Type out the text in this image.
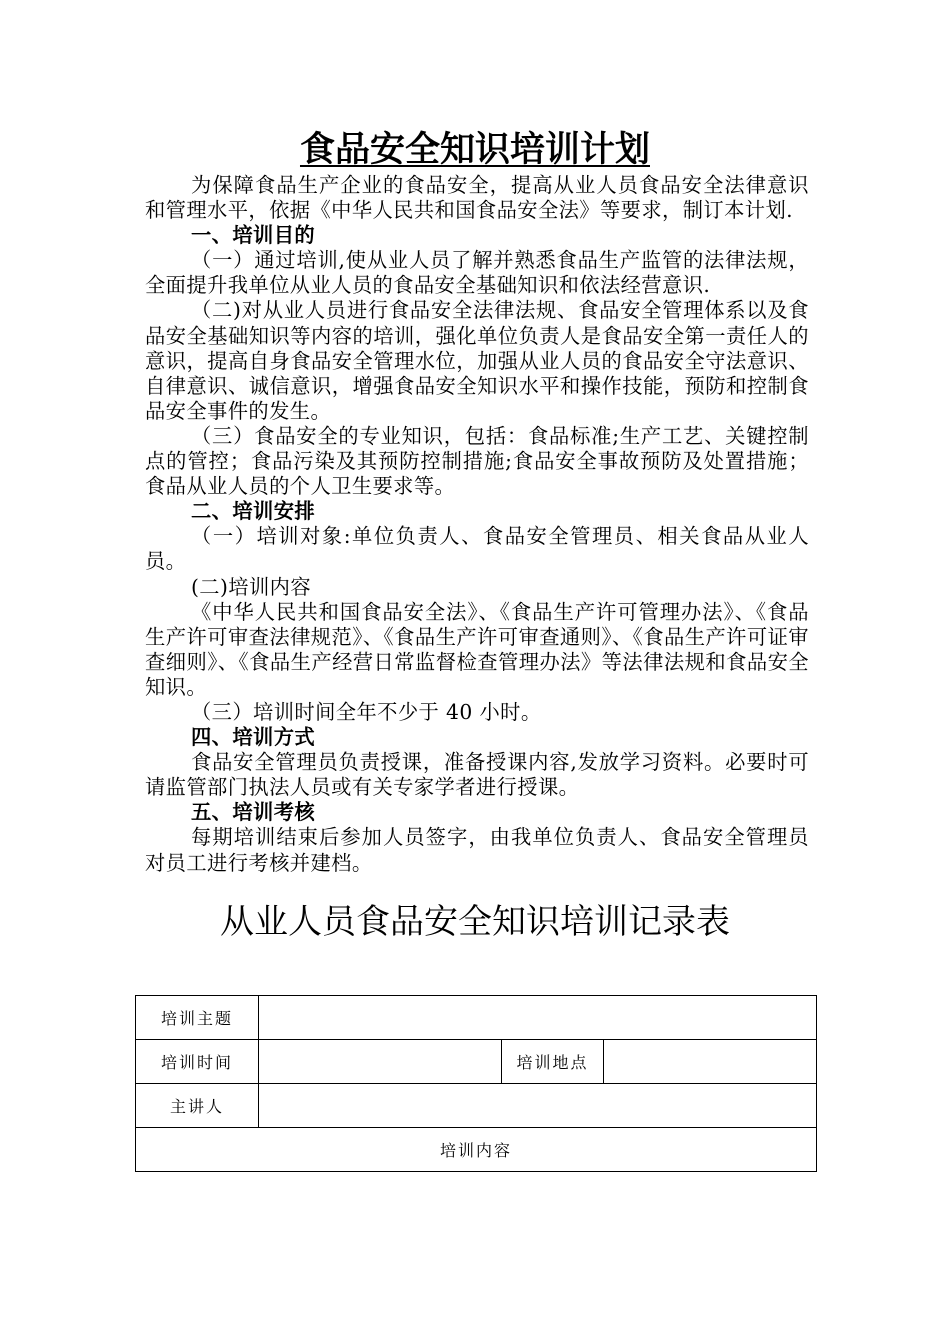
食品安全知识培训计划

为保障食品生产企业的食品安全，提高从业人员食品安全法律意识和管理水平，依据《中华人民共和国食品安全法》等要求，制订本计划.

一、培训目的

（一）通过培训,使从业人员了解并熟悉食品生产监管的法律法规，全面提升我单位从业人员的食品安全基础知识和依法经营意识.

（二)对从业人员进行食品安全法律法规、食品安全管理体系以及食品安全基础知识等内容的培训，强化单位负责人是食品安全第一责任人的意识，提高自身食品安全管理水位，加强从业人员的食品安全守法意识、自律意识、诚信意识，增强食品安全知识水平和操作技能，预防和控制食品安全事件的发生。

（三）食品安全的专业知识，包括：食品标准;生产工艺、关键控制点的管控；食品污染及其预防控制措施;食品安全事故预防及处置措施；食品从业人员的个人卫生要求等。

二、培训安排

（一）培训对象:单位负责人、食品安全管理员、相关食品从业人员。

(二)培训内容

《中华人民共和国食品安全法》、《食品生产许可管理办法》、《食品生产许可审查法律规范》、《食品生产许可审查通则》、《食品生产许可证审查细则》、《食品生产经营日常监督检查管理办法》等法律法规和食品安全知识。

（三）培训时间全年不少于 40 小时。

四、培训方式

食品安全管理员负责授课，准备授课内容,发放学习资料。必要时可请监管部门执法人员或有关专家学者进行授课。

五、培训考核

每期培训结束后参加人员签字，由我单位负责人、食品安全管理员对员工进行考核并建档。

从业人员食品安全知识培训记录表
培训主题			
培训时间		培训地点	
主讲人			
培训内容			
